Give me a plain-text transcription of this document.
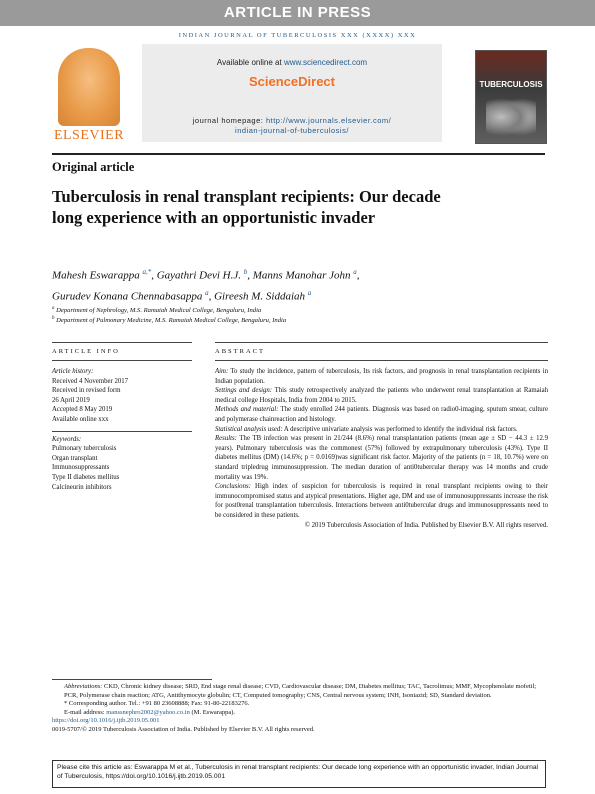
ARTICLE IN PRESS
INDIAN JOURNAL OF TUBERCULOSIS XXX (XXXX) XXX
ELSEVIER
Available online at www.sciencedirect.com
ScienceDirect
journal homepage: http://www.journals.elsevier.com/
indian-journal-of-tuberculosis/
TUBERCULOSIS
Original article
Tuberculosis in renal transplant recipients: Our decade long experience with an opportunistic invader
Mahesh Eswarappa $^{a,*}$, Gayathri Devi H.J. $^b$, Manns Manohar John $^a$,
Gurudev Konana Chennabasappa $^a$, Gireesh M. Siddaiah $^a$
$^a$ Department of Nephrology, M.S. Ramaiah Medical College, Bengaluru, India
$^b$ Department of Pulmonary Medicine, M.S. Ramaiah Medical College, Bengaluru, India
ARTICLE INFO	ABSTRACT
Article history:
Received 4 November 2017
Received in revised form
26 April 2019
Accepted 8 May 2019
Available online xxx
Keywords:
Pulmonary tuberculosis
Organ transplant
Immunosuppressants
Type II diabetes mellitus
Calcineurin inhibitors

Aim: To study the incidence, pattern of tuberculosis, Its risk factors, and prognosis in renal transplantation recipients in Indian population.

Settings and design: This study retrospectively analyzed the patients who underwent renal transplantation at Ramaiah medical college Hospitals, India from 2004 to 2015.

Methods and material: The study enrolled 244 patients. Diagnosis was based on radio0-imaging, sputum smear, culture and polymerase chainreaction and histology.

Statistical analysis used: A descriptive univariate analysis was performed to identify the individual risk factors.

Results: The TB infection was present in 21/244 (8.6%) renal transplantation patients (mean age ± SD − 44.3 ± 12.9 years). Pulmonary tuberculosis was the commonest (57%) followed by extrapulmonary tuberculosis (43%). Type II diabetes mellitus (DM) (14.6%; p = 0.0169)was significant risk factor. Majority of the patients (n = 18, 10.7%) were on standard tripledrug immunosuppression. The median duration of anti0tubercular therapy was 14 months and crude mortality was 19%.

Conclusions: High index of suspicion for tuberculosis is required in renal transplant recipients owing to their immunocompromised status and atypical presentations. Higher age, DM and use of immunosuppressants increase the risk for post0renal transplantation tuberculosis. Interactions between anti0tubercular drugs and immunosuppressants need to be considered in these patients.

© 2019 Tuberculosis Association of India. Published by Elsevier B.V. All rights reserved.

Abbreviations: CKD, Chronic kidney disease; SRD, End stage renal disease; CVD, Cardiovascular disease; DM, Diabetes mellitus; TAC, Tacrolimus; MMF, Mycophenolate mofetil; PCR, Polymerase chain reaction; ATG, Antithymocyte globulin; CT, Computed tomography; CNS, Central nervous system; INH, Isoniazid; SD, Standard deviation.

* Corresponding author. Tel.: +91 80 23608888; Fax: 91-80-22183276.

E-mail address: manssnephro2002@yahoo.co.in (M. Eswarappa).

https://doi.org/10.1016/j.ijtb.2019.05.001

0019-5707/© 2019 Tuberculosis Association of India. Published by Elsevier B.V. All rights reserved.

Please cite this article as: Eswarappa M et al., Tuberculosis in renal transplant recipients: Our decade long experience with an opportunistic invader, Indian Journal of Tuberculosis, https://doi.org/10.1016/j.ijtb.2019.05.001
